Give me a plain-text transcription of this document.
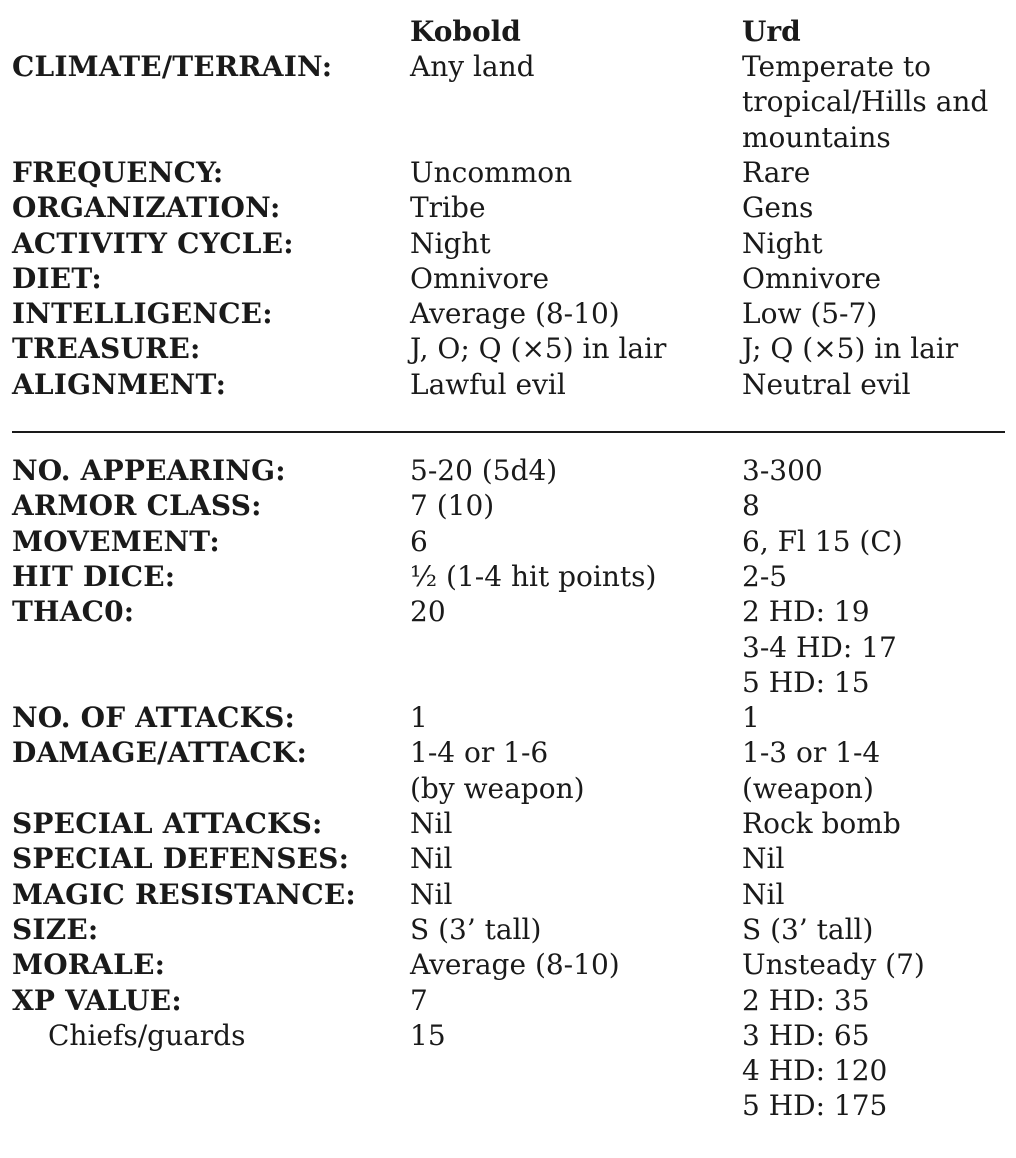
Kobold	Urd
CLIMATE/TERRAIN:	Any land	Temperate to
tropical/Hills and
mountains
FREQUENCY:	Uncommon	Rare
ORGANIZATION:	Tribe	Gens
ACTIVITY CYCLE:	Night	Night
DIET:	Omnivore	Omnivore
INTELLIGENCE:	Average (8-10)	Low (5-7)
TREASURE:	J, O; Q (×5) in lair	J; Q (×5) in lair
ALIGNMENT:	Lawful evil	Neutral evil
NO. APPEARING:	5-20 (5d4)	3-300
ARMOR CLASS:	7 (10)	8
MOVEMENT:	6	6, Fl 15 (C)
HIT DICE:	½ (1-4 hit points)	2-5
THAC0:	20	2 HD: 19
3-4 HD: 17
5 HD: 15
NO. OF ATTACKS:	1	1
DAMAGE/ATTACK:	1-4 or 1-6	1-3 or 1-4
(by weapon)	(weapon)
SPECIAL ATTACKS:	Nil	Rock bomb
SPECIAL DEFENSES: Nil	Nil
MAGIC RESISTANCE: Nil	Nil
SIZE:	S (3’ tall)	S (3’ tall)
MORALE:	Average (8-10)	Unsteady (7)
XP VALUE:	7	2 HD: 35
Chiefs/guards	15	3 HD: 65
4 HD: 120
5 HD: 175
